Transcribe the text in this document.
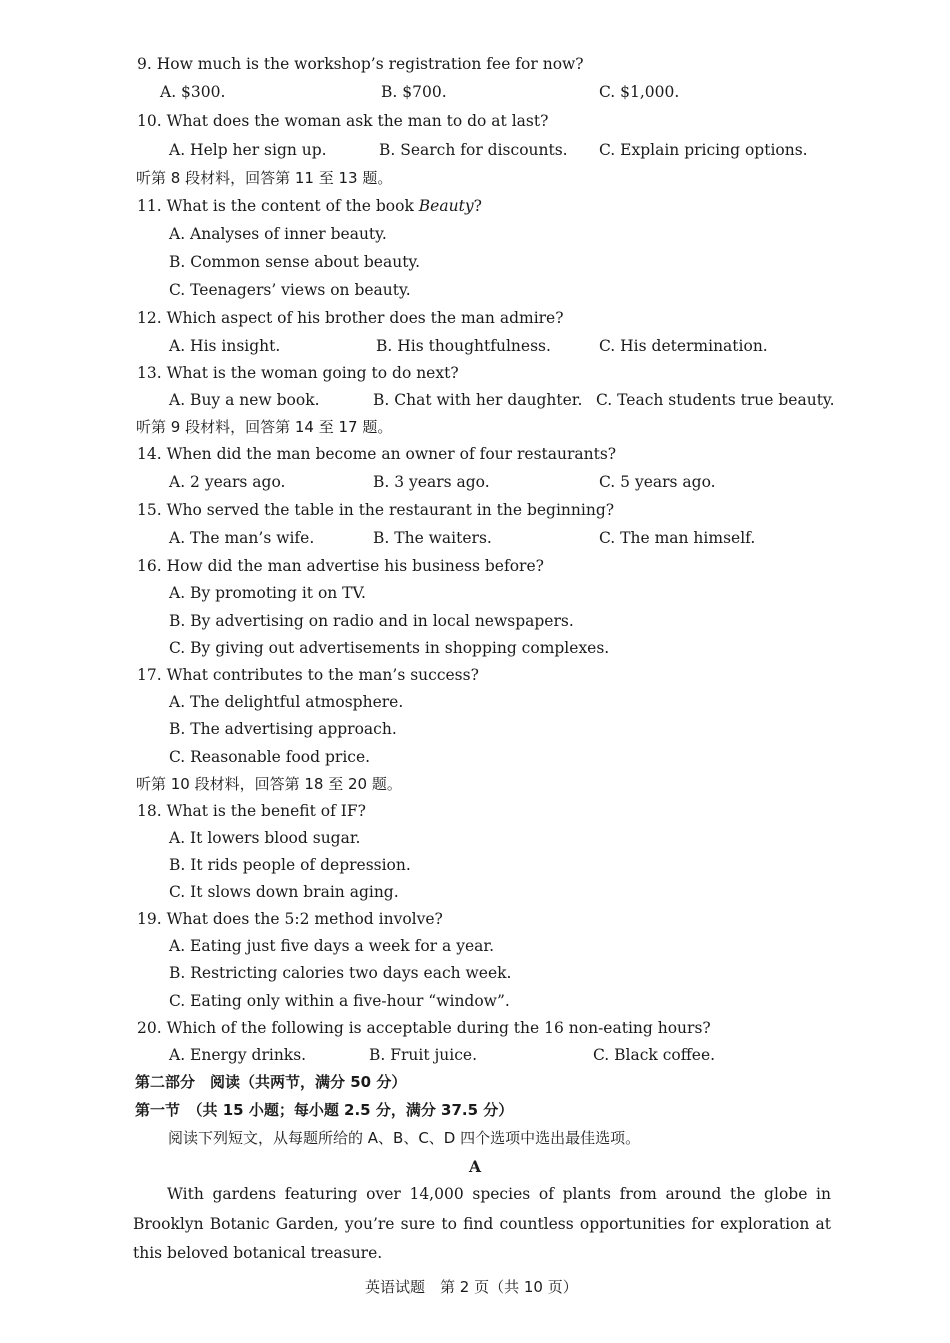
9. How much is the workshop’s registration fee for now?
A. $300.	B. $700.	C. $1,000.
10. What does the woman ask the man to do at last?
A. Help her sign up.	B. Search for discounts. C. Explain pricing options.
听第 8 段材料，回答第 11 至 13 题。
11. What is the content of the book Beauty?
A. Analyses of inner beauty.
B. Common sense about beauty.
C. Teenagers’ views on beauty.
12. Which aspect of his brother does the man admire?
A. His insight.	B. His thoughtfulness.	C. His determination.
13. What is the woman going to do next?
A. Buy a new book.	B. Chat with her daughter. C. Teach students true beauty.
听第 9 段材料，回答第 14 至 17 题。
14. When did the man become an owner of four restaurants?
A. 2 years ago.	B. 3 years ago.	C. 5 years ago.
15. Who served the table in the restaurant in the beginning?
A. The man’s wife.	B. The waiters.	C. The man himself.
16. How did the man advertise his business before?
A. By promoting it on TV.
B. By advertising on radio and in local newspapers.
C. By giving out advertisements in shopping complexes.
17. What contributes to the man’s success?
A. The delightful atmosphere.
B. The advertising approach.
C. Reasonable food price.
听第 10 段材料，回答第 18 至 20 题。
18. What is the benefit of IF?
A. It lowers blood sugar.
B. It rids people of depression.
C. It slows down brain aging.
19. What does the 5:2 method involve?
A. Eating just five days a week for a year.
B. Restricting calories two days each week.
C. Eating only within a five-hour “window”.
20. Which of the following is acceptable during the 16 non-eating hours?
A. Energy drinks.	B. Fruit juice.	C. Black coffee.
第二部分　阅读（共两节，满分 50 分）
第一节　（共 15 小题；每小题 2.5 分，满分 37.5 分）
阅读下列短文，从每题所给的 A、B、C、D 四个选项中选出最佳选项。
A
With gardens featuring over 14,000 species of plants from around the globe in Brooklyn Botanic Garden, you’re sure to find countless opportunities for exploration at this beloved botanical treasure.
英语试题　第 2 页（共 10 页）
